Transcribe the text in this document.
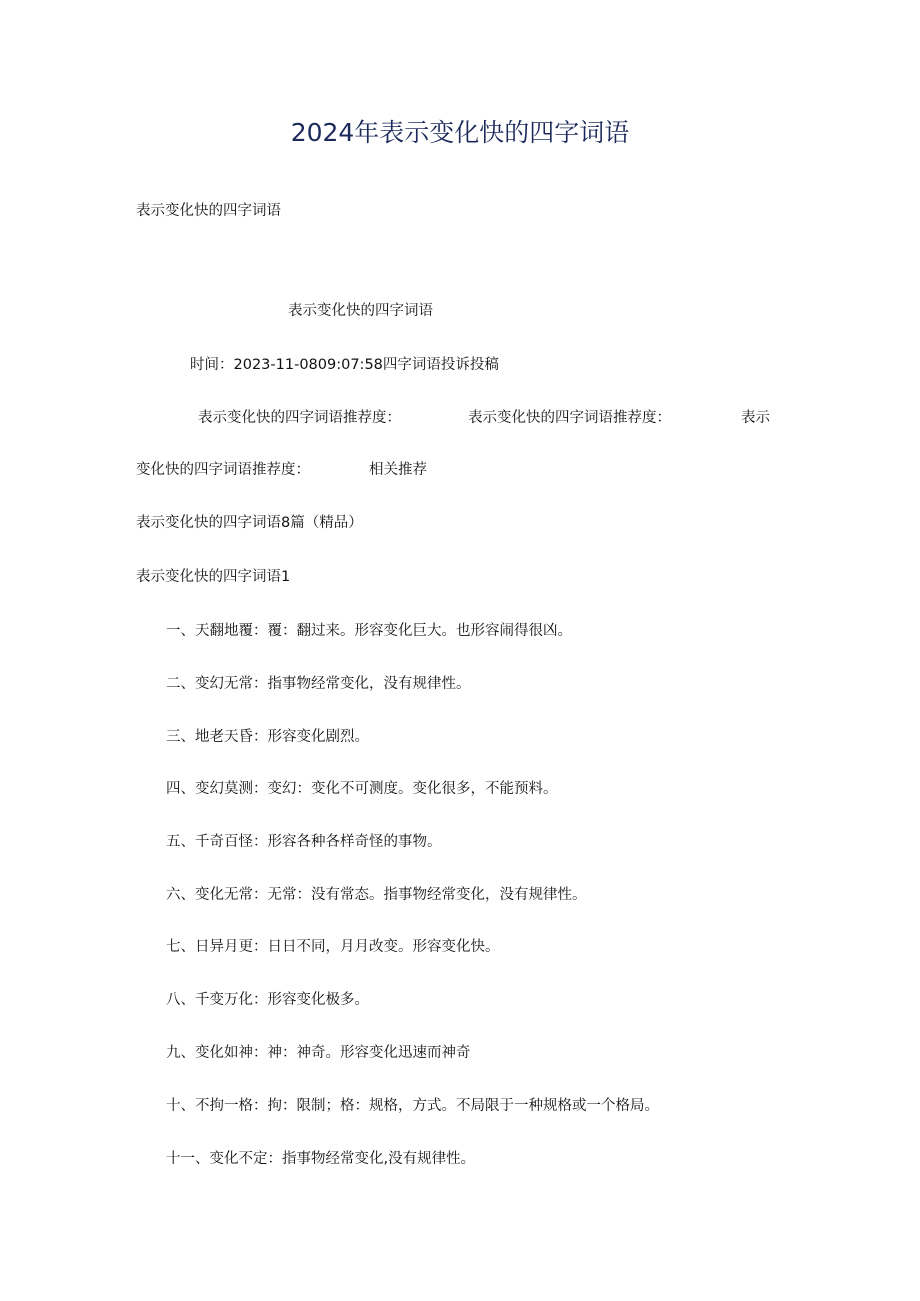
2024年表示变化快的四字词语
表示变化快的四字词语
表示变化快的四字词语
时间：2023-11-0809:07:58四字词语投诉投稿
表示变化快的四字词语推荐度：	表示变化快的四字词语推荐度：	表示
变化快的四字词语推荐度：	相关推荐
表示变化快的四字词语8篇（精品）
表示变化快的四字词语1
一、天翻地覆：覆：翻过来。形容变化巨大。也形容闹得很凶。
二、变幻无常：指事物经常变化，没有规律性。
三、地老天昏：形容变化剧烈。
四、变幻莫测：变幻：变化不可测度。变化很多，不能预料。
五、千奇百怪：形容各种各样奇怪的事物。
六、变化无常：无常：没有常态。指事物经常变化，没有规律性。
七、日异月更：日日不同，月月改变。形容变化快。
八、千变万化：形容变化极多。
九、变化如神：神：神奇。形容变化迅速而神奇
十、不拘一格：拘：限制；格：规格，方式。不局限于一种规格或一个格局。
十一、变化不定：指事物经常变化,没有规律性。
